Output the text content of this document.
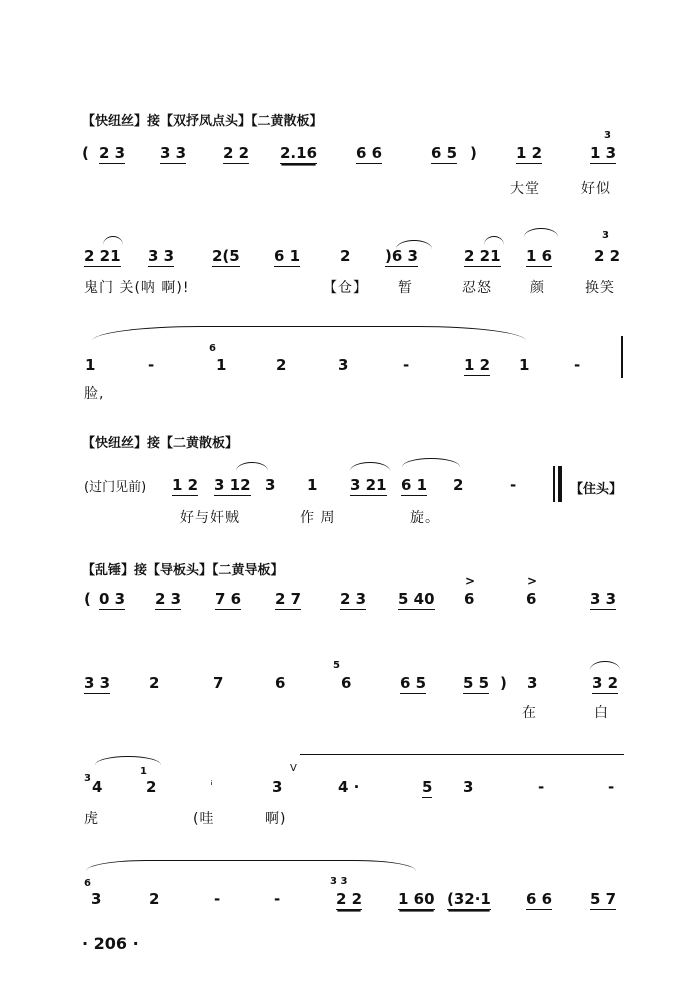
【快纽丝】接【双抒凤点头】【二黄散板】
( 2 3 3 3 2 2 2.16	6 6	6 5 )	1 2	1 3
3
大堂	好似
2 21 3 3	2(5 6 1	2 )6 3	2 21 1 6	2 2
3
鬼门 关(呐 啊)!	【仓】 暂	忍怒	颜	换笑
1	-
6
1	2	3	-	1 2 1	-
脸,
【快纽丝】接【二黄散板】
(过门见前) 1 2 3 12 3 1 3 21 6 1 2	-	【住头】
好与奸贼	作 周	旋。
【乱锤】接【导板头】【二黄导板】
>	>
( 0 3 2 3 7 6 2 7	2 3 5 40 6	6	3 3
3 3	2	7	6
5
6	6 5 5 5 ) 3	3 2
在	白
3 4
1
2	ꜞ	3
V
4 ·	5 3	-	-
虎	(哇	啊)
6
3	2	-	-
3 3
2 2 1 60 (32·1 6 6	5 7
· 206 ·
